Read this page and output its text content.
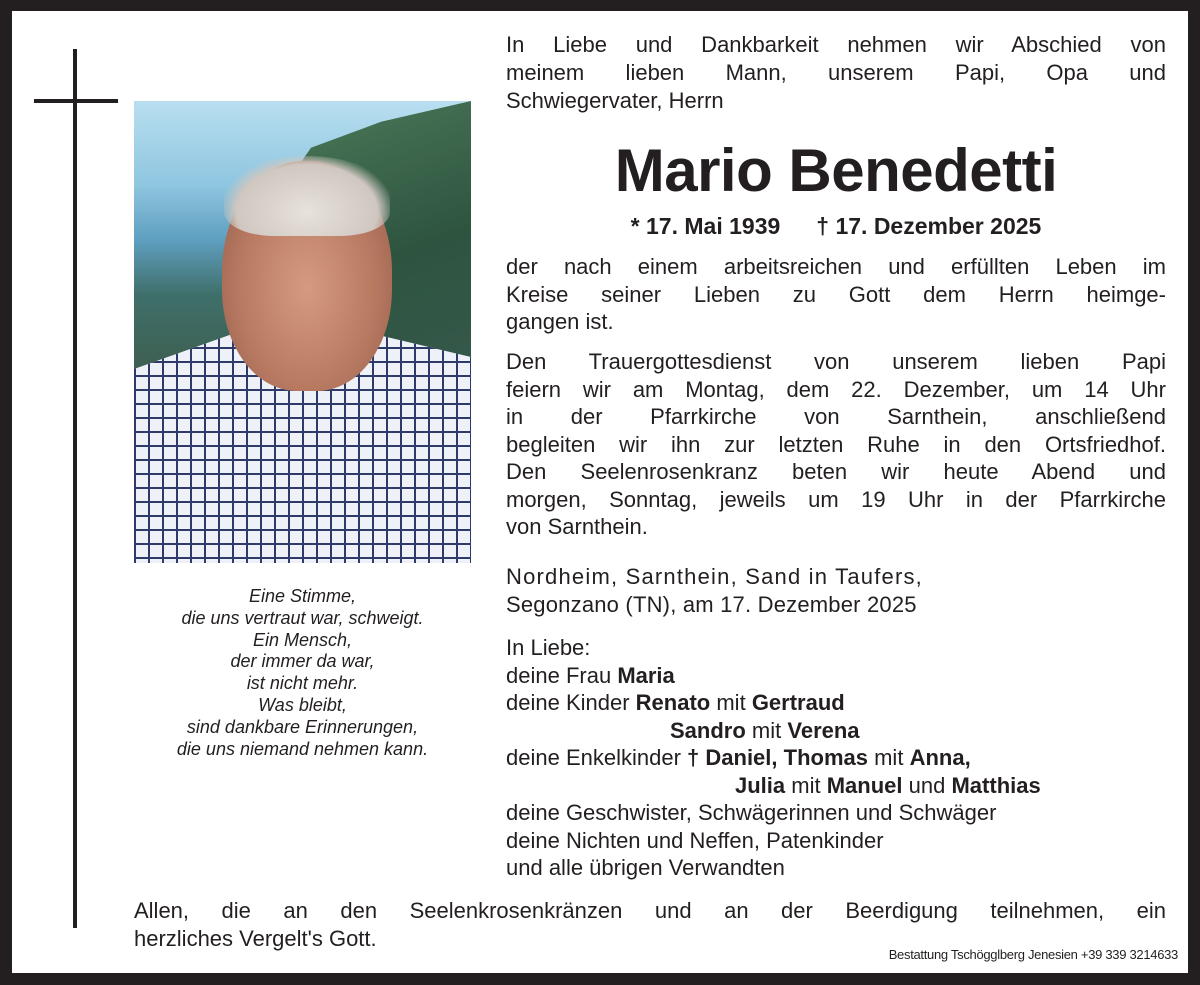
Eine Stimme,
die uns vertraut war, schweigt.
Ein Mensch,
der immer da war,
ist nicht mehr.
Was bleibt,
sind dankbare Erinnerungen,
die uns niemand nehmen kann.
In Liebe und Dankbarkeit nehmen wir Abschied von
meinem lieben Mann, unserem Papi, Opa und
Schwiegervater, Herrn
Mario Benedetti
* 17. Mai 1939 † 17. Dezember 2025
der nach einem arbeitsreichen und erfüllten Leben im
Kreise seiner Lieben zu Gott dem Herrn heimge-
gangen ist.
Den Trauergottesdienst von unserem lieben Papi
feiern wir am Montag, dem 22. Dezember, um 14 Uhr
in der Pfarrkirche von Sarnthein, anschließend
begleiten wir ihn zur letzten Ruhe in den Ortsfriedhof.
Den Seelenrosenkranz beten wir heute Abend und
morgen, Sonntag, jeweils um 19 Uhr in der Pfarrkirche
von Sarnthein.
Nordheim, Sarnthein, Sand in Taufers,
Segonzano (TN), am 17. Dezember 2025
In Liebe:
deine Frau Maria
deine Kinder Renato mit Gertraud
Sandro mit Verena
deine Enkelkinder † Daniel, Thomas mit Anna,
Julia mit Manuel und Matthias
deine Geschwister, Schwägerinnen und Schwäger
deine Nichten und Neffen, Patenkinder
und alle übrigen Verwandten
Allen, die an den Seelenkrosenkränzen und an der Beerdigung teilnehmen, ein
herzliches Vergelt's Gott.
Bestattung Tschögglberg Jenesien +39 339 3214633
